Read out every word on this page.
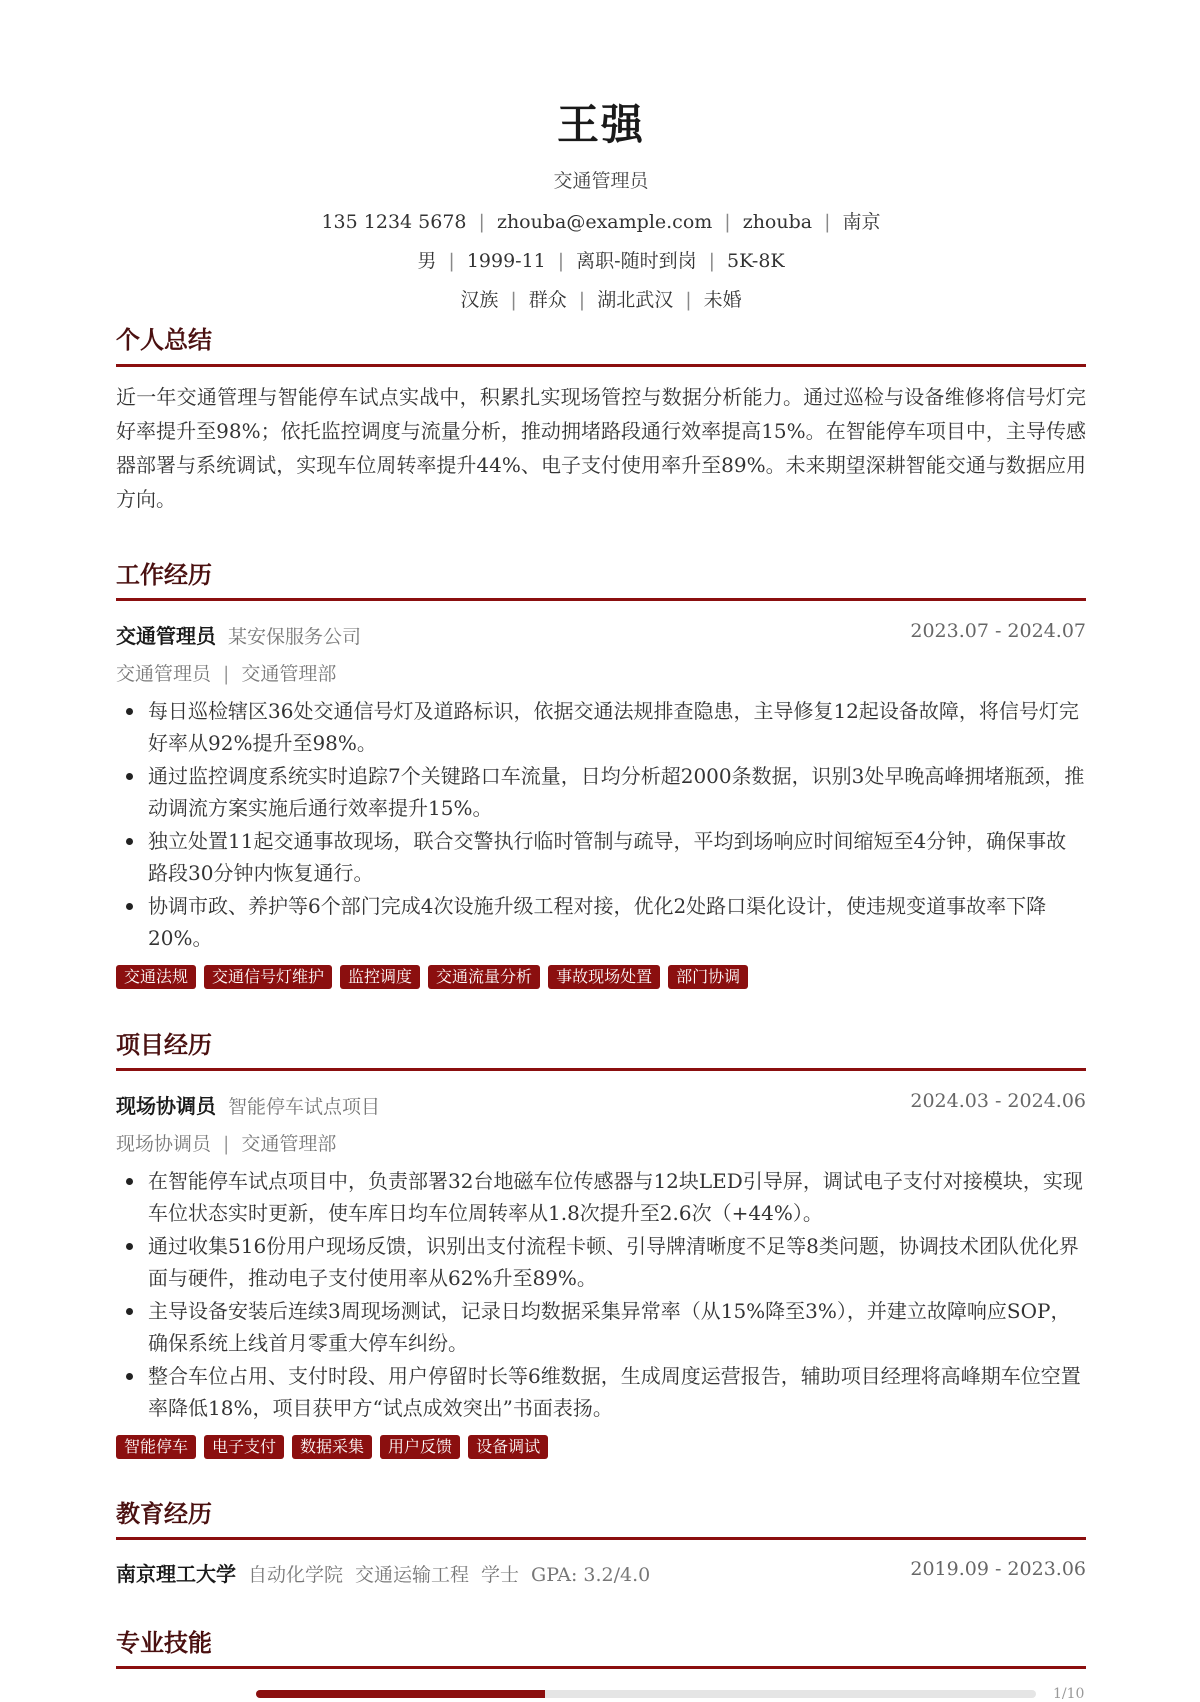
王强
交通管理员
135 1234 5678 | zhouba@example.com | zhouba | 南京
男 | 1999-11 | 离职-随时到岗 | 5K-8K
汉族 | 群众 | 湖北武汉 | 未婚
个人总结
近一年交通管理与智能停车试点实战中，积累扎实现场管控与数据分析能力。通过巡检与设备维修将信号灯完好率提升至98%；依托监控调度与流量分析，推动拥堵路段通行效率提高15%。在智能停车项目中，主导传感器部署与系统调试，实现车位周转率提升44%、电子支付使用率升至89%。未来期望深耕智能交通与数据应用方向。
工作经历
交通管理员 某安保服务公司	2023.07 - 2024.07
交通管理员 | 交通管理部
每日巡检辖区36处交通信号灯及道路标识，依据交通法规排查隐患，主导修复12起设备故障，将信号灯完好率从92%提升至98%。
通过监控调度系统实时追踪7个关键路口车流量，日均分析超2000条数据，识别3处早晚高峰拥堵瓶颈，推动调流方案实施后通行效率提升15%。
独立处置11起交通事故现场，联合交警执行临时管制与疏导，平均到场响应时间缩短至4分钟，确保事故路段30分钟内恢复通行。
协调市政、养护等6个部门完成4次设施升级工程对接，优化2处路口渠化设计，使违规变道事故率下降20%。
交通法规	交通信号灯维护	监控调度	交通流量分析	事故现场处置	部门协调
项目经历
现场协调员 智能停车试点项目	2024.03 - 2024.06
现场协调员 | 交通管理部
在智能停车试点项目中，负责部署32台地磁车位传感器与12块LED引导屏，调试电子支付对接模块，实现车位状态实时更新，使车库日均车位周转率从1.8次提升至2.6次（+44%）。
通过收集516份用户现场反馈，识别出支付流程卡顿、引导牌清晰度不足等8类问题，协调技术团队优化界面与硬件，推动电子支付使用率从62%升至89%。
主导设备安装后连续3周现场测试，记录日均数据采集异常率（从15%降至3%），并建立故障响应SOP，确保系统上线首月零重大停车纠纷。
整合车位占用、支付时段、用户停留时长等6维数据，生成周度运营报告，辅助项目经理将高峰期车位空置率降低18%，项目获甲方“试点成效突出”书面表扬。
智能停车	电子支付	数据采集	用户反馈	设备调试
教育经历
南京理工大学 自动化学院 交通运输工程 学士 GPA: 3.2/4.0	2019.09 - 2023.06
专业技能
1/10
